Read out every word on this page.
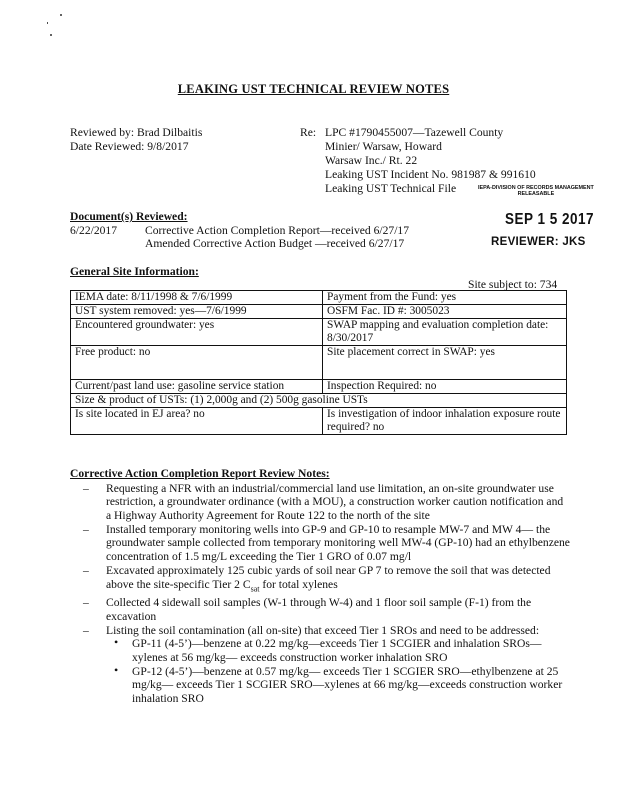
LEAKING UST TECHNICAL REVIEW NOTES
Reviewed by: Brad Dilbaitis
Date Reviewed: 9/8/2017
Re: LPC #1790455007—Tazewell County
Minier/ Warsaw, Howard
Warsaw Inc./ Rt. 22
Leaking UST Incident No. 981987 & 991610
Leaking UST Technical File	IEPA-DIVISION OF RECORDS MANAGEMENT
RELEASABLE
SEP 1 5 2017
REVIEWER: JKS
Document(s) Reviewed:
6/22/2017 Corrective Action Completion Report—received 6/27/17
Amended Corrective Action Budget —received 6/27/17
General Site Information:
Site subject to: 734
IEMA date: 8/11/1998 & 7/6/1999	Payment from the Fund: yes
UST system removed: yes—7/6/1999	OSFM Fac. ID #: 3005023
Encountered groundwater: yes	SWAP mapping and evaluation completion date: 8/30/2017
Free product: no	Site placement correct in SWAP: yes
Current/past land use: gasoline service station	Inspection Required: no
Size & product of USTs: (1) 2,000g and (2) 500g gasoline USTs	
Is site located in EJ area? no	Is investigation of indoor inhalation exposure route required? no
Corrective Action Completion Report Review Notes:
– Requesting a NFR with an industrial/commercial land use limitation, an on-site groundwater use restriction, a groundwater ordinance (with a MOU), a construction worker caution notification and a Highway Authority Agreement for Route 122 to the north of the site
– Installed temporary monitoring wells into GP-9 and GP-10 to resample MW-7 and MW 4— the groundwater sample collected from temporary monitoring well MW-4 (GP-10) had an ethylbenzene concentration of 1.5 mg/L exceeding the Tier 1 GRO of 0.07 mg/l
– Excavated approximately 125 cubic yards of soil near GP 7 to remove the soil that was detected above the site-specific Tier 2 $C_{sat}$ for total xylenes
– Collected 4 sidewall soil samples (W-1 through W-4) and 1 floor soil sample (F-1) from the excavation
– Listing the soil contamination (all on-site) that exceed Tier 1 SROs and need to be addressed:
• GP-11 (4-5’)—benzene at 0.22 mg/kg—exceeds Tier 1 SCGIER and inhalation SROs—xylenes at 56 mg/kg— exceeds construction worker inhalation SRO
• GP-12 (4-5’)—benzene at 0.57 mg/kg— exceeds Tier 1 SCGIER SRO—ethylbenzene at 25 mg/kg— exceeds Tier 1 SCGIER SRO—xylenes at 66 mg/kg—exceeds construction worker inhalation SRO
